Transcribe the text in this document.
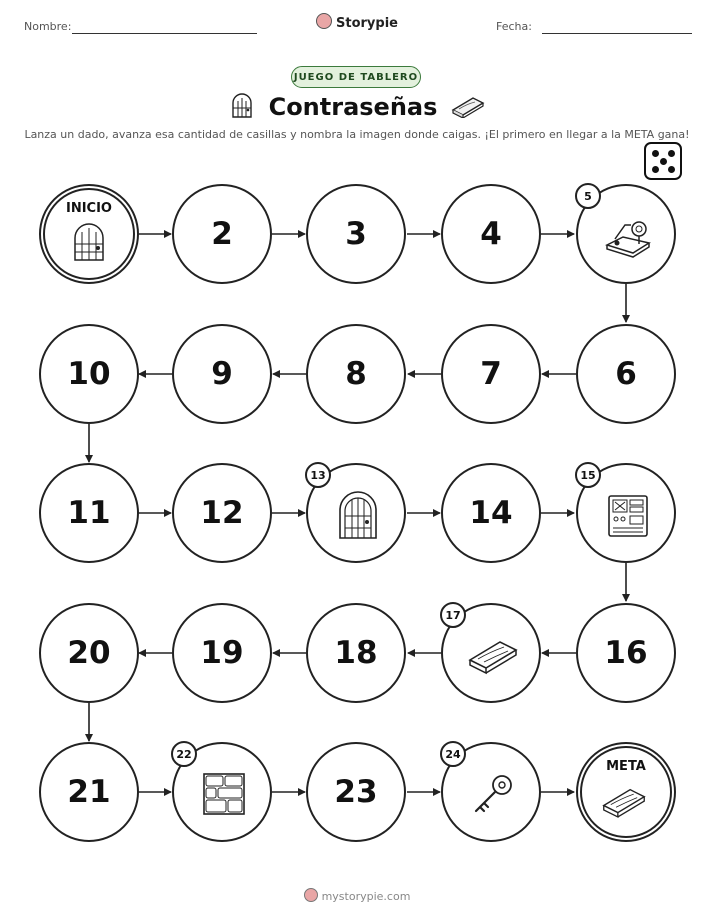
Nombre:	Storypie	Fecha:
JUEGO DE TABLERO
Contraseñas
Lanza un dado, avanza esa cantidad de casillas y nombra la imagen donde caigas. ¡El primero en llegar a la META gana!
INICIO
2	3	4
5
10	9	8	7	6
11	12
13
14
15
20	19	18
17
16
21
22
23
24
META
mystorypie.com
